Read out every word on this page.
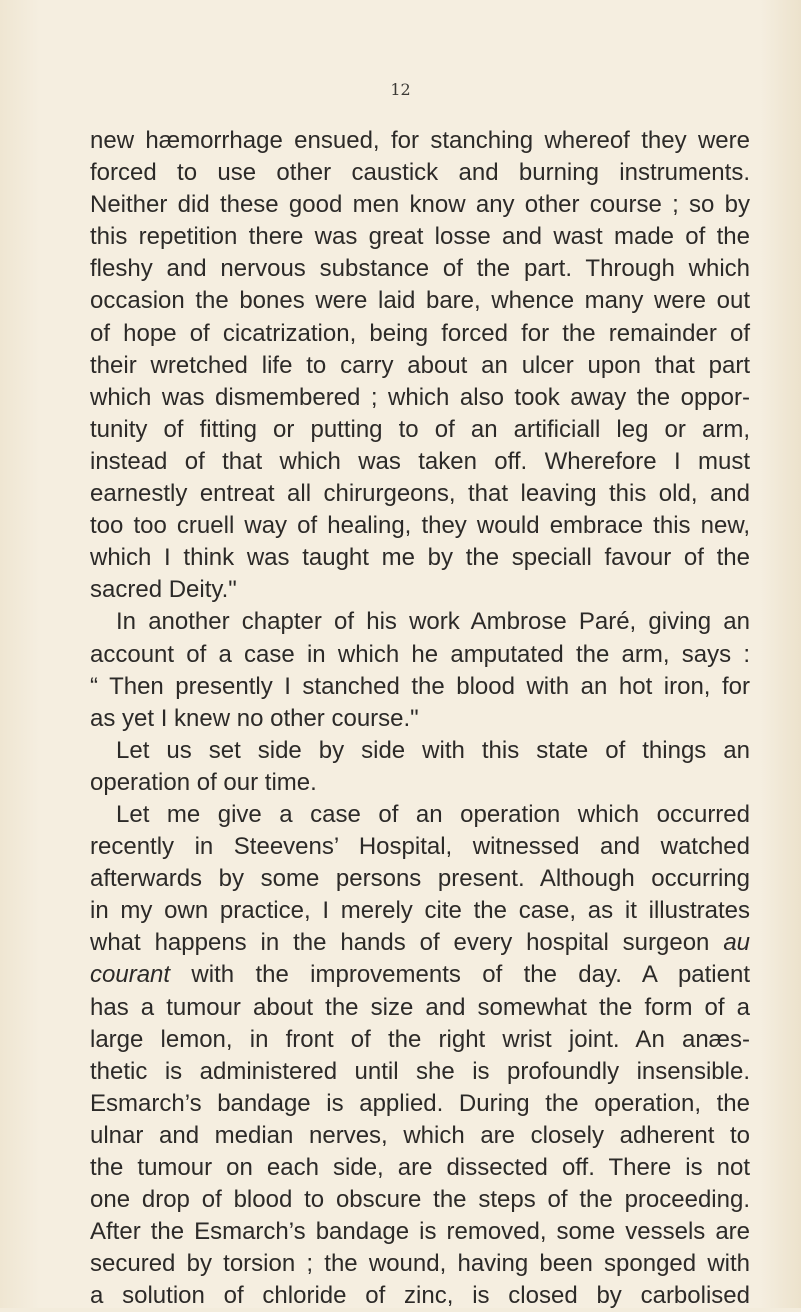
12
new hæmorrhage ensued, for stanching whereof they were
forced to use other caustick and burning instruments.
Neither did these good men know any other course ; so by
this repetition there was great losse and wast made of the
fleshy and nervous substance of the part. Through which
occasion the bones were laid bare, whence many were out
of hope of cicatrization, being forced for the remainder of
their wretched life to carry about an ulcer upon that part
which was dismembered ; which also took away the oppor-
tunity of fitting or putting to of an artificiall leg or arm,
instead of that which was taken off. Wherefore I must
earnestly entreat all chirurgeons, that leaving this old, and
too too cruell way of healing, they would embrace this new,
which I think was taught me by the speciall favour of the
sacred Deity."
In another chapter of his work Ambrose Paré, giving an
account of a case in which he amputated the arm, says :
“ Then presently I stanched the blood with an hot iron, for
as yet I knew no other course."
Let us set side by side with this state of things an
operation of our time.
Let me give a case of an operation which occurred
recently in Steevens’ Hospital, witnessed and watched
afterwards by some persons present. Although occurring
in my own practice, I merely cite the case, as it illustrates
what happens in the hands of every hospital surgeon au
courant with the improvements of the day. A patient
has a tumour about the size and somewhat the form of a
large lemon, in front of the right wrist joint. An anæs-
thetic is administered until she is profoundly insensible.
Esmarch’s bandage is applied. During the operation, the
ulnar and median nerves, which are closely adherent to
the tumour on each side, are dissected off. There is not
one drop of blood to obscure the steps of the proceeding.
After the Esmarch’s bandage is removed, some vessels are
secured by torsion ; the wound, having been sponged with
a solution of chloride of zinc, is closed by carbolised
